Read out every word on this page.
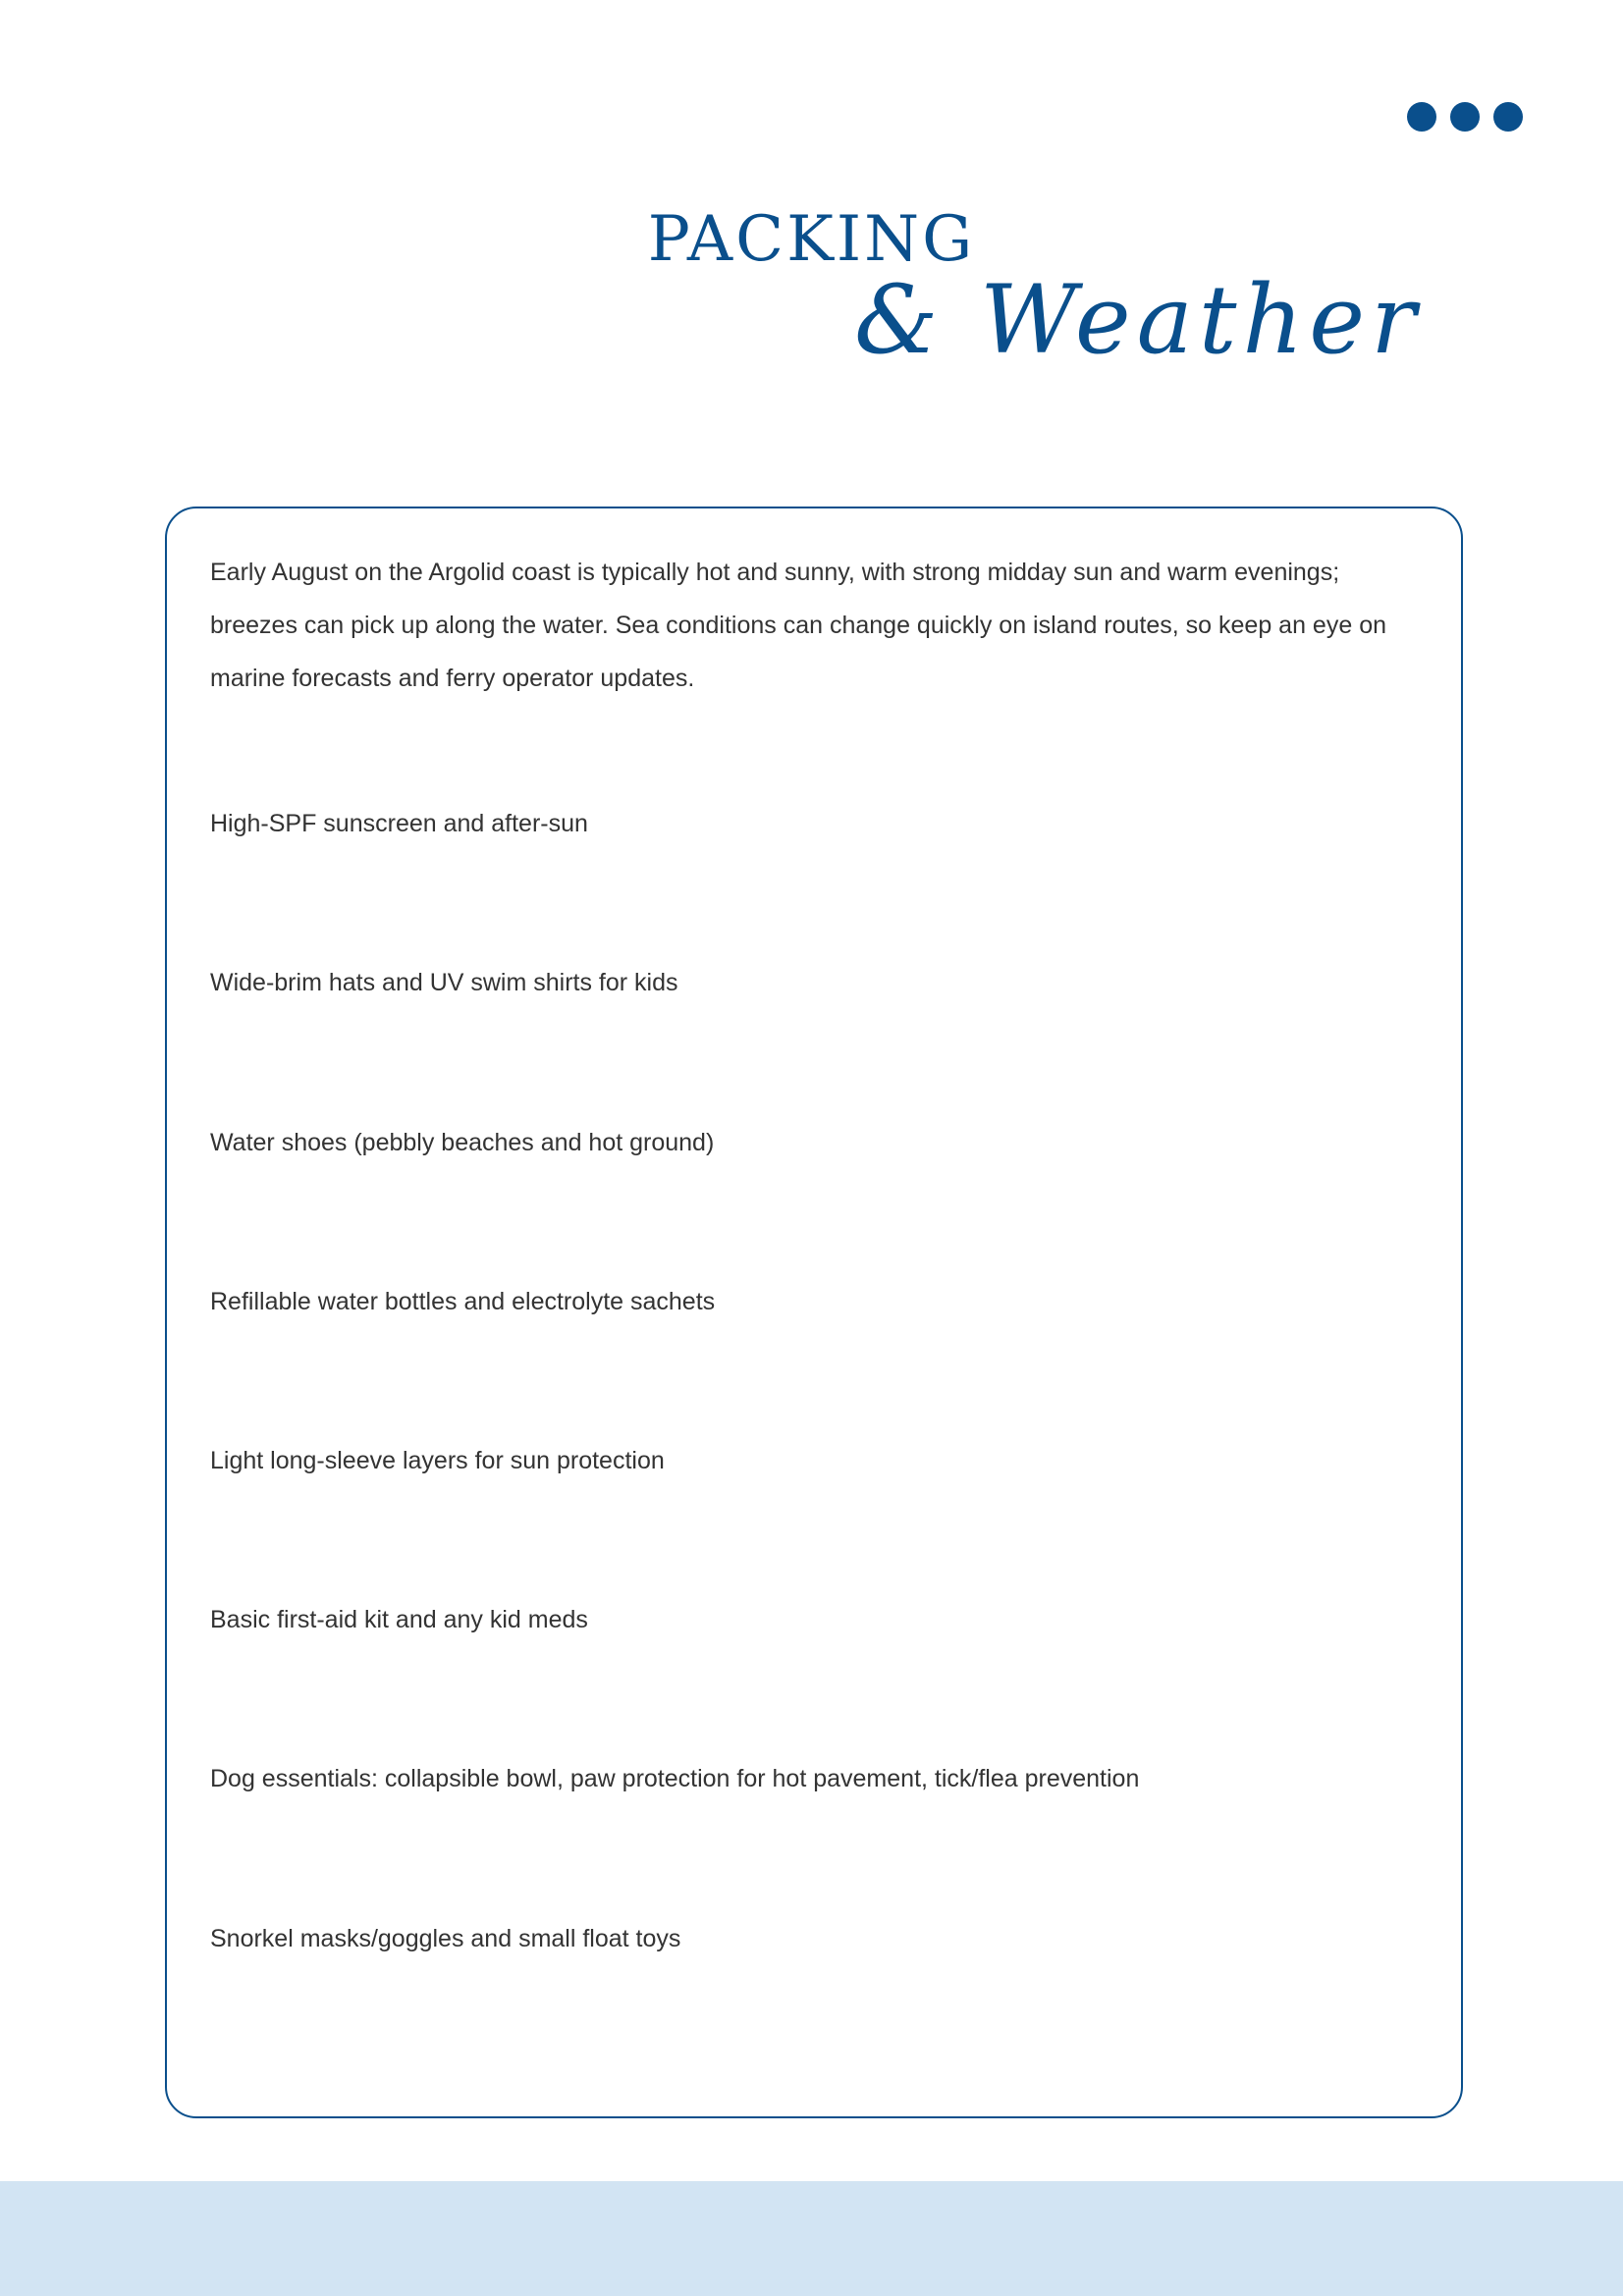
PACKING
& Weather

Early August on the Argolid coast is typically hot and sunny, with strong midday sun and warm evenings; breezes can pick up along the water. Sea conditions can change quickly on island routes, so keep an eye on marine forecasts and ferry operator updates.

High-SPF sunscreen and after-sun
Wide-brim hats and UV swim shirts for kids
Water shoes (pebbly beaches and hot ground)
Refillable water bottles and electrolyte sachets
Light long-sleeve layers for sun protection
Basic first-aid kit and any kid meds
Dog essentials: collapsible bowl, paw protection for hot pavement, tick/flea prevention
Snorkel masks/goggles and small float toys
